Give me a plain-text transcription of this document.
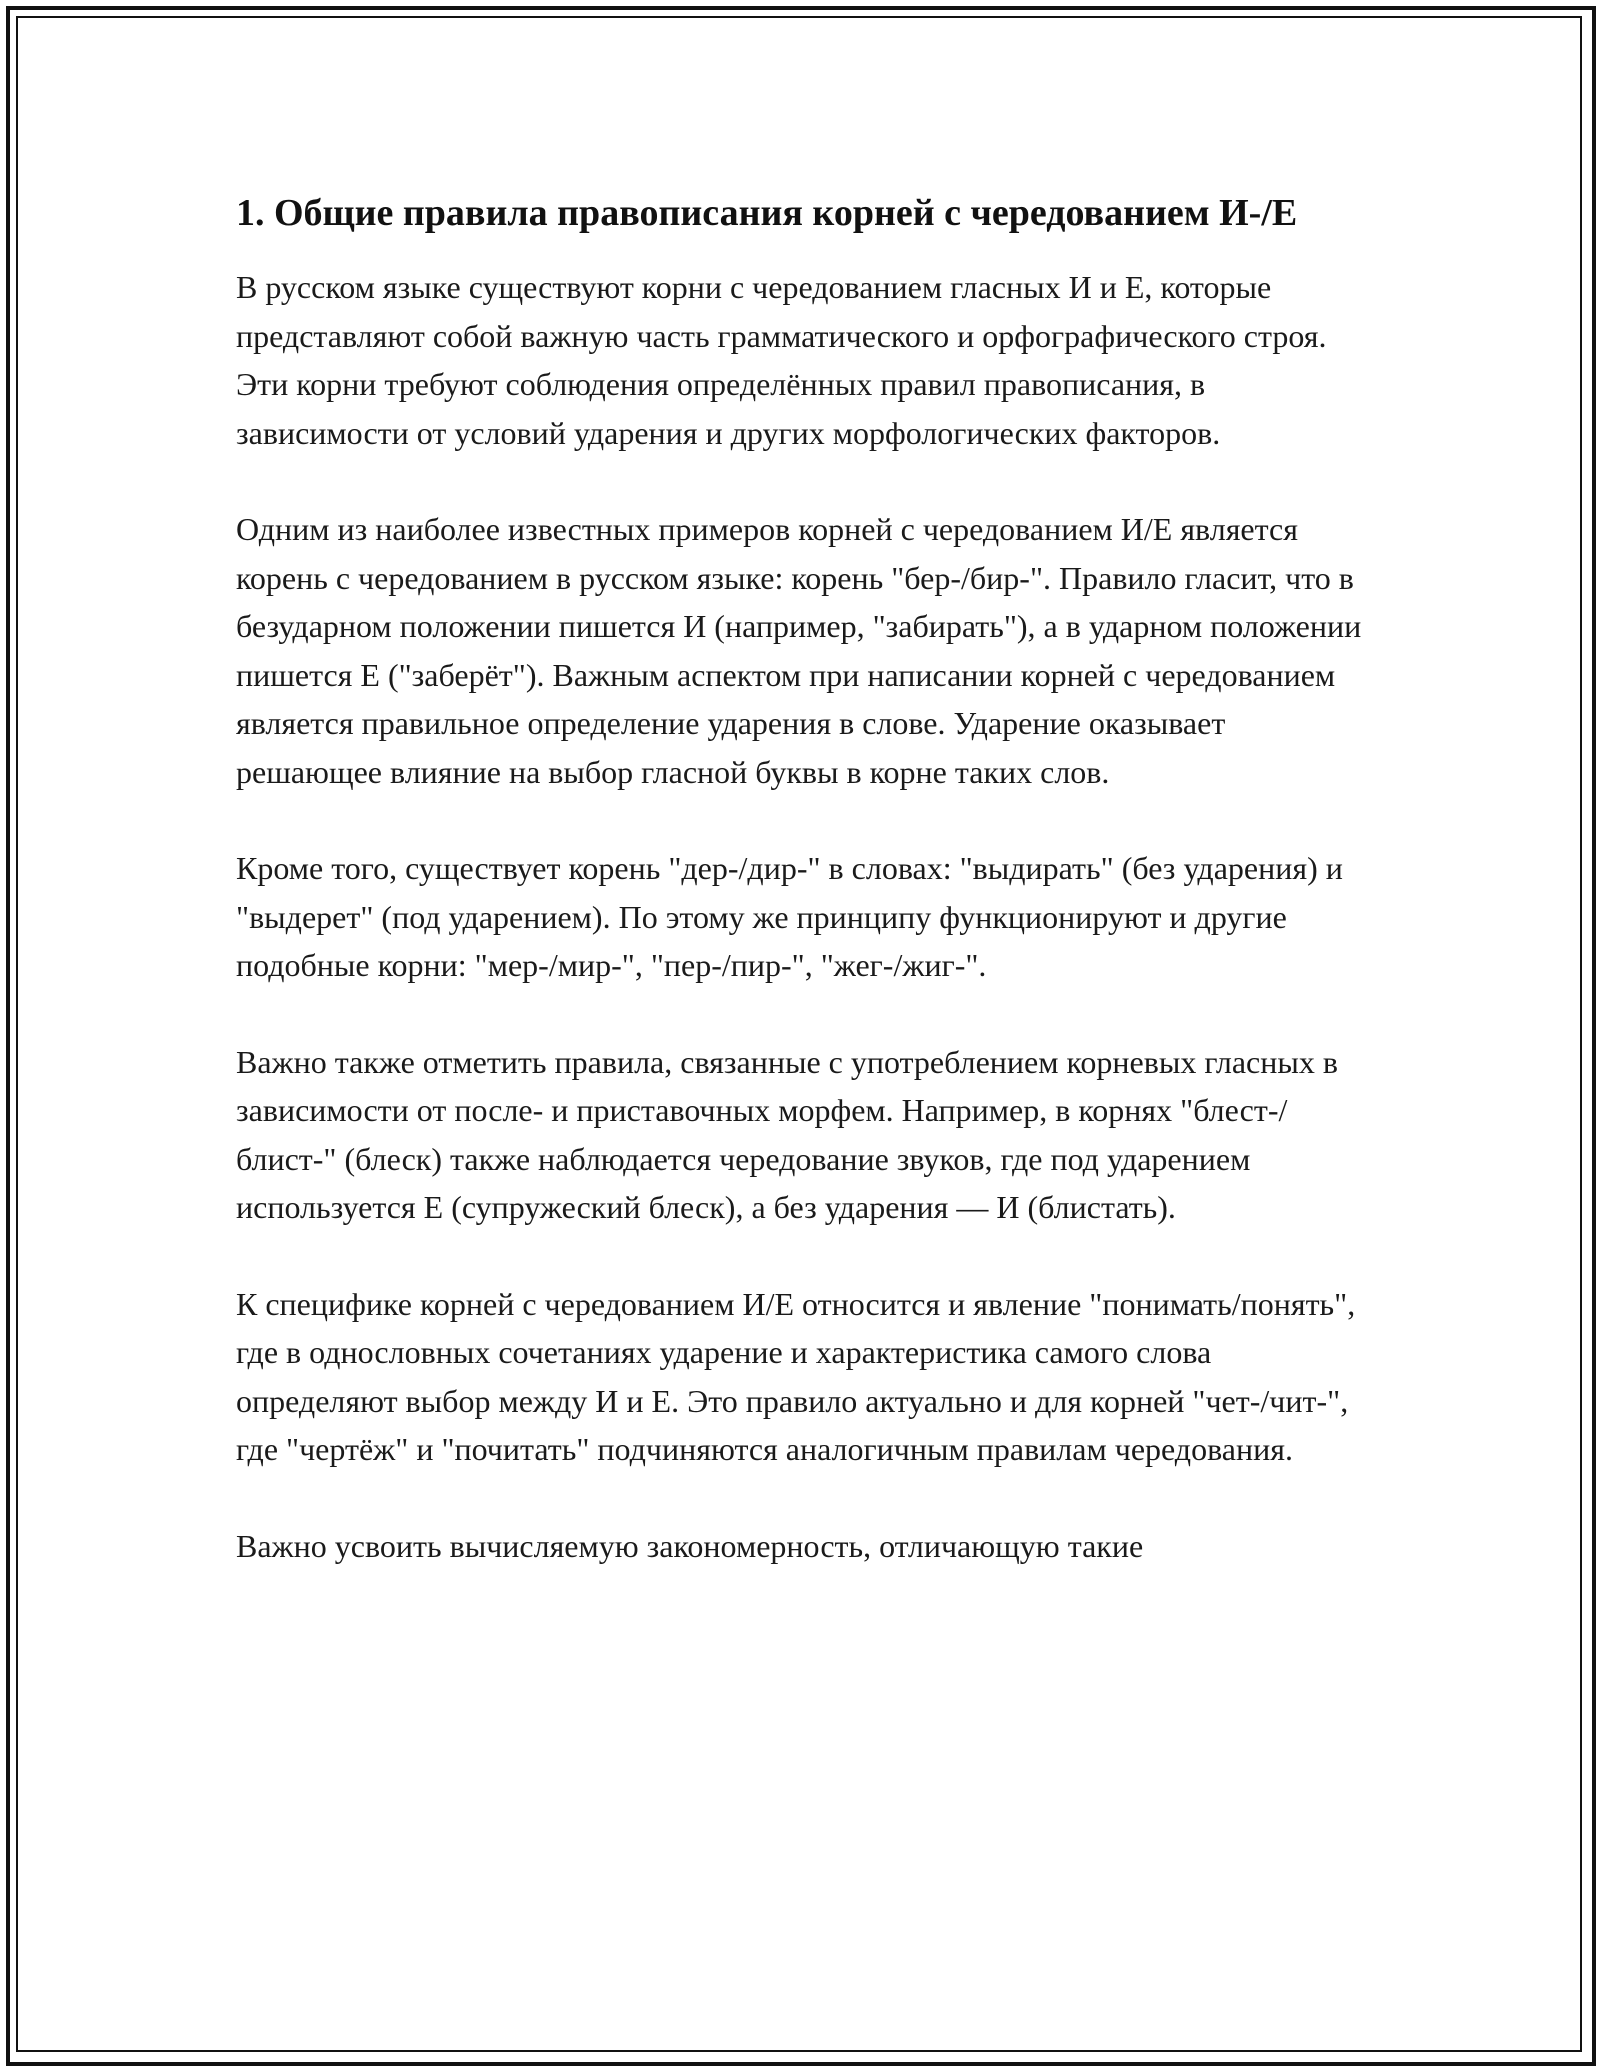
1. Общие правила правописания корней с чередованием И-/Е

В русском языке существуют корни с чередованием гласных И и Е, которые представляют собой важную часть грамматического и орфографического строя. Эти корни требуют соблюдения определённых правил правописания, в зависимости от условий ударения и других морфологических факторов.

Одним из наиболее известных примеров корней с чередованием И/Е является корень с чередованием в русском языке: корень "бер-/бир-". Правило гласит, что в безударном положении пишется И (например, "забирать"), а в ударном положении пишется Е ("заберёт"). Важным аспектом при написании корней с чередованием является правильное определение ударения в слове. Ударение оказывает решающее влияние на выбор гласной буквы в корне таких слов.

Кроме того, существует корень "дер-/дир-" в словах: "выдирать" (без ударения) и "выдерет" (под ударением). По этому же принципу функционируют и другие подобные корни: "мер-/мир-", "пер-/пир-", "жег-/жиг-".

Важно также отметить правила, связанные с употреблением корневых гласных в зависимости от после- и приставочных морфем. Например, в корнях "блест-/блист-" (блеск) также наблюдается чередование звуков, где под ударением используется Е (супружеский блеск), а без ударения — И (блистать).

К специфике корней с чередованием И/Е относится и явление "понимать/понять", где в однословных сочетаниях ударение и характеристика самого слова определяют выбор между И и Е. Это правило актуально и для корней "чет-/чит-", где "чертёж" и "почитать" подчиняются аналогичным правилам чередования.

Важно усвоить вычисляемую закономерность, отличающую такие
